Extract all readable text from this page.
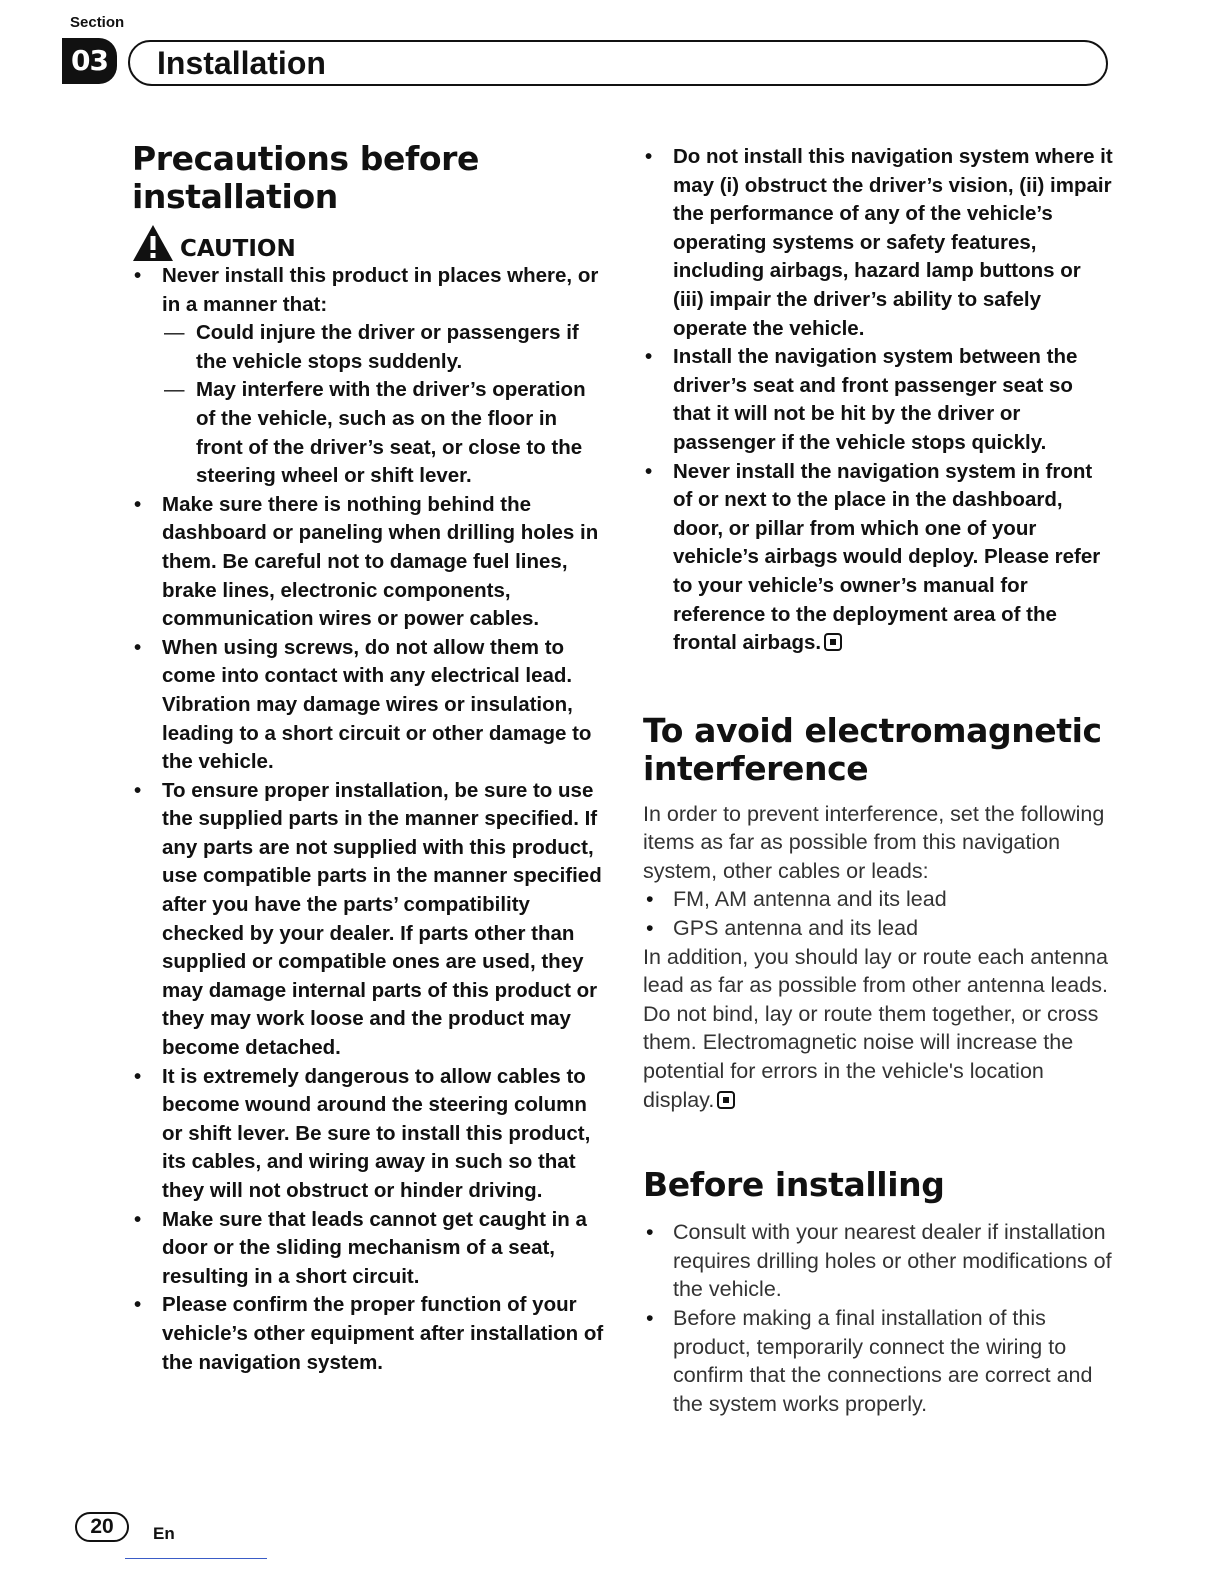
Section
03 Installation
Precautions before installation
CAUTION
• Never install this product in places where, or in a manner that:
— Could injure the driver or passengers if the vehicle stops suddenly.
— May interfere with the driver’s operation of the vehicle, such as on the floor in front of the driver’s seat, or close to the steering wheel or shift lever.
• Make sure there is nothing behind the dashboard or paneling when drilling holes in them. Be careful not to damage fuel lines, brake lines, electronic components, communication wires or power cables.
• When using screws, do not allow them to come into contact with any electrical lead. Vibration may damage wires or insulation, leading to a short circuit or other damage to the vehicle.
• To ensure proper installation, be sure to use the supplied parts in the manner specified. If any parts are not supplied with this product, use compatible parts in the manner specified after you have the parts’ compatibility checked by your dealer. If parts other than supplied or compatible ones are used, they may damage internal parts of this product or they may work loose and the product may become detached.
• It is extremely dangerous to allow cables to become wound around the steering column or shift lever. Be sure to install this product, its cables, and wiring away in such so that they will not obstruct or hinder driving.
• Make sure that leads cannot get caught in a door or the sliding mechanism of a seat, resulting in a short circuit.
• Please confirm the proper function of your vehicle’s other equipment after installation of the navigation system.
• Do not install this navigation system where it may (i) obstruct the driver’s vision, (ii) impair the performance of any of the vehicle’s operating systems or safety features, including airbags, hazard lamp buttons or (iii) impair the driver’s ability to safely operate the vehicle.
• Install the navigation system between the driver’s seat and front passenger seat so that it will not be hit by the driver or passenger if the vehicle stops quickly.
• Never install the navigation system in front of or next to the place in the dashboard, door, or pillar from which one of your vehicle’s airbags would deploy. Please refer to your vehicle’s owner’s manual for reference to the deployment area of the frontal airbags.
To avoid electromagnetic interference
In order to prevent interference, set the following items as far as possible from this navigation system, other cables or leads:
• FM, AM antenna and its lead
• GPS antenna and its lead
In addition, you should lay or route each antenna lead as far as possible from other antenna leads. Do not bind, lay or route them together, or cross them. Electromagnetic noise will increase the potential for errors in the vehicle's location display.
Before installing
• Consult with your nearest dealer if installation requires drilling holes or other modifications of the vehicle.
• Before making a final installation of this product, temporarily connect the wiring to confirm that the connections are correct and the system works properly.
20	En
